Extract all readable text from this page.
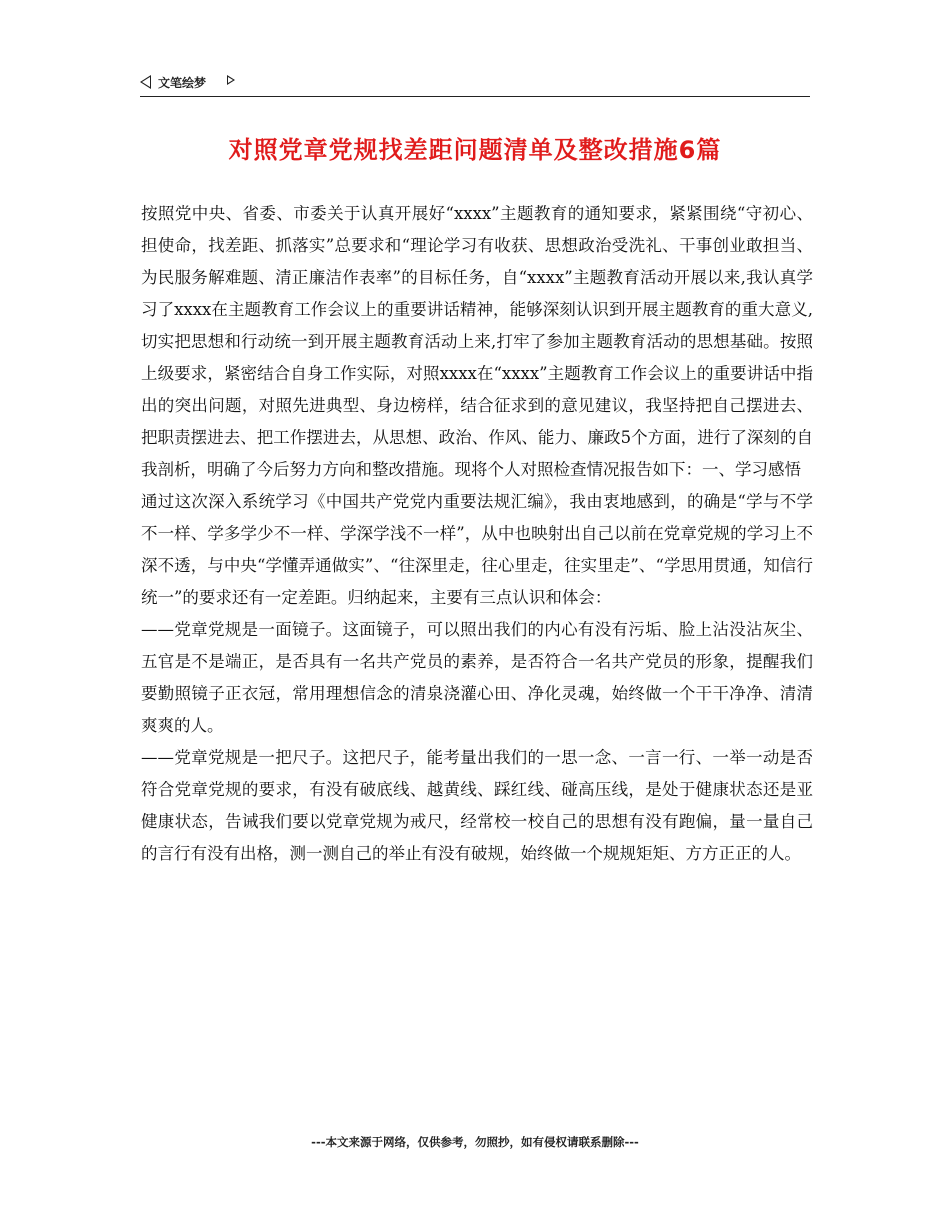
文笔绘梦
对照党章党规找差距问题清单及整改措施6篇

按照党中央、省委、市委关于认真开展好“xxxx”主题教育的通知要求，紧紧围绕“守初心、担使命，找差距、抓落实”总要求和“理论学习有收获、思想政治受洗礼、干事创业敢担当、为民服务解难题、清正廉洁作表率”的目标任务，自“xxxx”主题教育活动开展以来,我认真学习了xxxx在主题教育工作会议上的重要讲话精神，能够深刻认识到开展主题教育的重大意义,切实把思想和行动统一到开展主题教育活动上来,打牢了参加主题教育活动的思想基础。按照上级要求，紧密结合自身工作实际，对照xxxx在“xxxx”主题教育工作会议上的重要讲话中指出的突出问题，对照先进典型、身边榜样，结合征求到的意见建议，我坚持把自己摆进去、把职责摆进去、把工作摆进去，从思想、政治、作风、能力、廉政5个方面，进行了深刻的自我剖析，明确了今后努力方向和整改措施。现将个人对照检查情况报告如下：一、学习感悟

通过这次深入系统学习《中国共产党党内重要法规汇编》，我由衷地感到，的确是“学与不学不一样、学多学少不一样、学深学浅不一样”，从中也映射出自己以前在党章党规的学习上不深不透，与中央“学懂弄通做实”、“往深里走，往心里走，往实里走”、“学思用贯通，知信行统一”的要求还有一定差距。归纳起来，主要有三点认识和体会：

——党章党规是一面镜子。这面镜子，可以照出我们的内心有没有污垢、脸上沾没沾灰尘、五官是不是端正，是否具有一名共产党员的素养，是否符合一名共产党员的形象，提醒我们要勤照镜子正衣冠，常用理想信念的清泉浇灌心田、净化灵魂，始终做一个干干净净、清清爽爽的人。

——党章党规是一把尺子。这把尺子，能考量出我们的一思一念、一言一行、一举一动是否符合党章党规的要求，有没有破底线、越黄线、踩红线、碰高压线，是处于健康状态还是亚健康状态，告诫我们要以党章党规为戒尺，经常校一校自己的思想有没有跑偏，量一量自己的言行有没有出格，测一测自己的举止有没有破规，始终做一个规规矩矩、方方正正的人。

---本文来源于网络，仅供参考，勿照抄，如有侵权请联系删除---
